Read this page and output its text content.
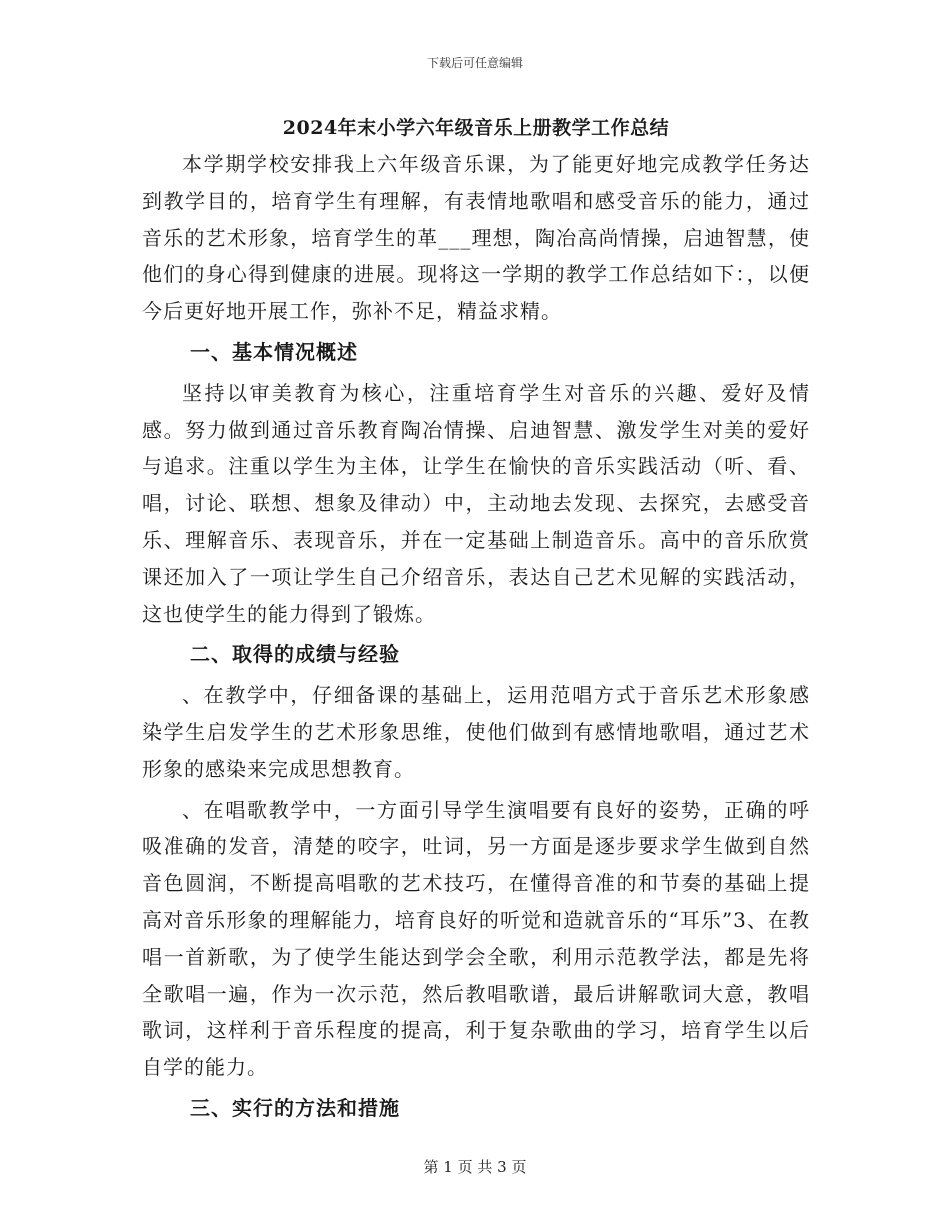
下载后可任意编辑
2024年末小学六年级音乐上册教学工作总结

本学期学校安排我上六年级音乐课，为了能更好地完成教学任务达到教学目的，培育学生有理解，有表情地歌唱和感受音乐的能力，通过音乐的艺术形象，培育学生的革___理想，陶冶高尚情操，启迪智慧，使他们的身心得到健康的进展。现将这一学期的教学工作总结如下：，以便今后更好地开展工作，弥补不足，精益求精。

一、基本情况概述

坚持以审美教育为核心，注重培育学生对音乐的兴趣、爱好及情感。努力做到通过音乐教育陶冶情操、启迪智慧、激发学生对美的爱好与追求。注重以学生为主体，让学生在愉快的音乐实践活动（听、看、唱，讨论、联想、想象及律动）中，主动地去发现、去探究，去感受音乐、理解音乐、表现音乐，并在一定基础上制造音乐。高中的音乐欣赏课还加入了一项让学生自己介绍音乐，表达自己艺术见解的实践活动，这也使学生的能力得到了锻炼。

二、取得的成绩与经验

、在教学中，仔细备课的基础上，运用范唱方式于音乐艺术形象感染学生启发学生的艺术形象思维，使他们做到有感情地歌唱，通过艺术形象的感染来完成思想教育。

、在唱歌教学中，一方面引导学生演唱要有良好的姿势，正确的呼吸准确的发音，清楚的咬字，吐词，另一方面是逐步要求学生做到自然音色圆润，不断提高唱歌的艺术技巧，在懂得音准的和节奏的基础上提高对音乐形象的理解能力，培育良好的听觉和造就音乐的“耳乐”3、在教唱一首新歌，为了使学生能达到学会全歌，利用示范教学法，都是先将全歌唱一遍，作为一次示范，然后教唱歌谱，最后讲解歌词大意，教唱歌词，这样利于音乐程度的提高，利于复杂歌曲的学习，培育学生以后自学的能力。

三、实行的方法和措施
第 1 页 共 3 页
